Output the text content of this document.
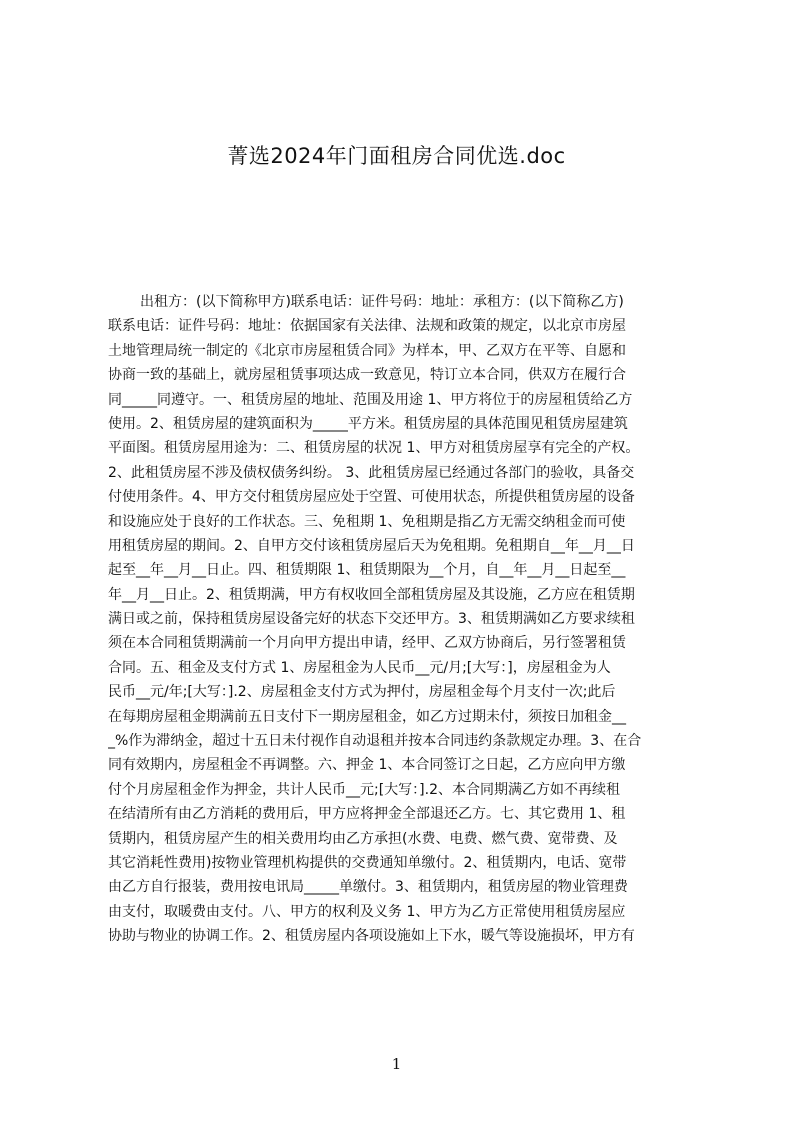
菁选2024年门面租房合同优选.doc
出租方：(以下简称甲方)联系电话：证件号码：地址：承租方：(以下简称乙方)
联系电话：证件号码：地址：依据国家有关法律、法规和政策的规定，以北京市房屋
土地管理局统一制定的《北京市房屋租赁合同》为样本，甲、乙双方在平等、自愿和
协商一致的基础上，就房屋租赁事项达成一致意见，特订立本合同，供双方在履行合
同_____同遵守。一、租赁房屋的地址、范围及用途 1、甲方将位于的房屋租赁给乙方
使用。2、租赁房屋的建筑面积为_____平方米。租赁房屋的具体范围见租赁房屋建筑
平面图。租赁房屋用途为：二、租赁房屋的状况 1、甲方对租赁房屋享有完全的产权。
2、此租赁房屋不涉及债权债务纠纷。 3、此租赁房屋已经通过各部门的验收，具备交
付使用条件。4、甲方交付租赁房屋应处于空置、可使用状态，所提供租赁房屋的设备
和设施应处于良好的工作状态。三、免租期 1、免租期是指乙方无需交纳租金而可使
用租赁房屋的期间。2、自甲方交付该租赁房屋后天为免租期。免租期自__年__月__日
起至__年__月__日止。四、租赁期限 1、租赁期限为__个月，自__年__月__日起至__
年__月__日止。2、租赁期满，甲方有权收回全部租赁房屋及其设施，乙方应在租赁期
满日或之前，保持租赁房屋设备完好的状态下交还甲方。3、租赁期满如乙方要求续租
须在本合同租赁期满前一个月向甲方提出申请，经甲、乙双方协商后，另行签署租赁
合同。五、租金及支付方式 1、房屋租金为人民币__元/月;[大写：]，房屋租金为人
民币__元/年;[大写：].2、房屋租金支付方式为押付，房屋租金每个月支付一次;此后
在每期房屋租金期满前五日支付下一期房屋租金，如乙方过期未付，须按日加租金__
_%作为滞纳金，超过十五日未付视作自动退租并按本合同违约条款规定办理。3、在合
同有效期内，房屋租金不再调整。六、押金 1、本合同签订之日起，乙方应向甲方缴
付个月房屋租金作为押金，共计人民币__元;[大写：].2、本合同期满乙方如不再续租
在结清所有由乙方消耗的费用后，甲方应将押金全部退还乙方。七、其它费用 1、租
赁期内，租赁房屋产生的相关费用均由乙方承担(水费、电费、燃气费、宽带费、及
其它消耗性费用)按物业管理机构提供的交费通知单缴付。2、租赁期内，电话、宽带
由乙方自行报装，费用按电讯局_____单缴付。3、租赁期内，租赁房屋的物业管理费
由支付，取暖费由支付。八、甲方的权利及义务 1、甲方为乙方正常使用租赁房屋应
协助与物业的协调工作。2、租赁房屋内各项设施如上下水，暖气等设施损坏，甲方有
1
